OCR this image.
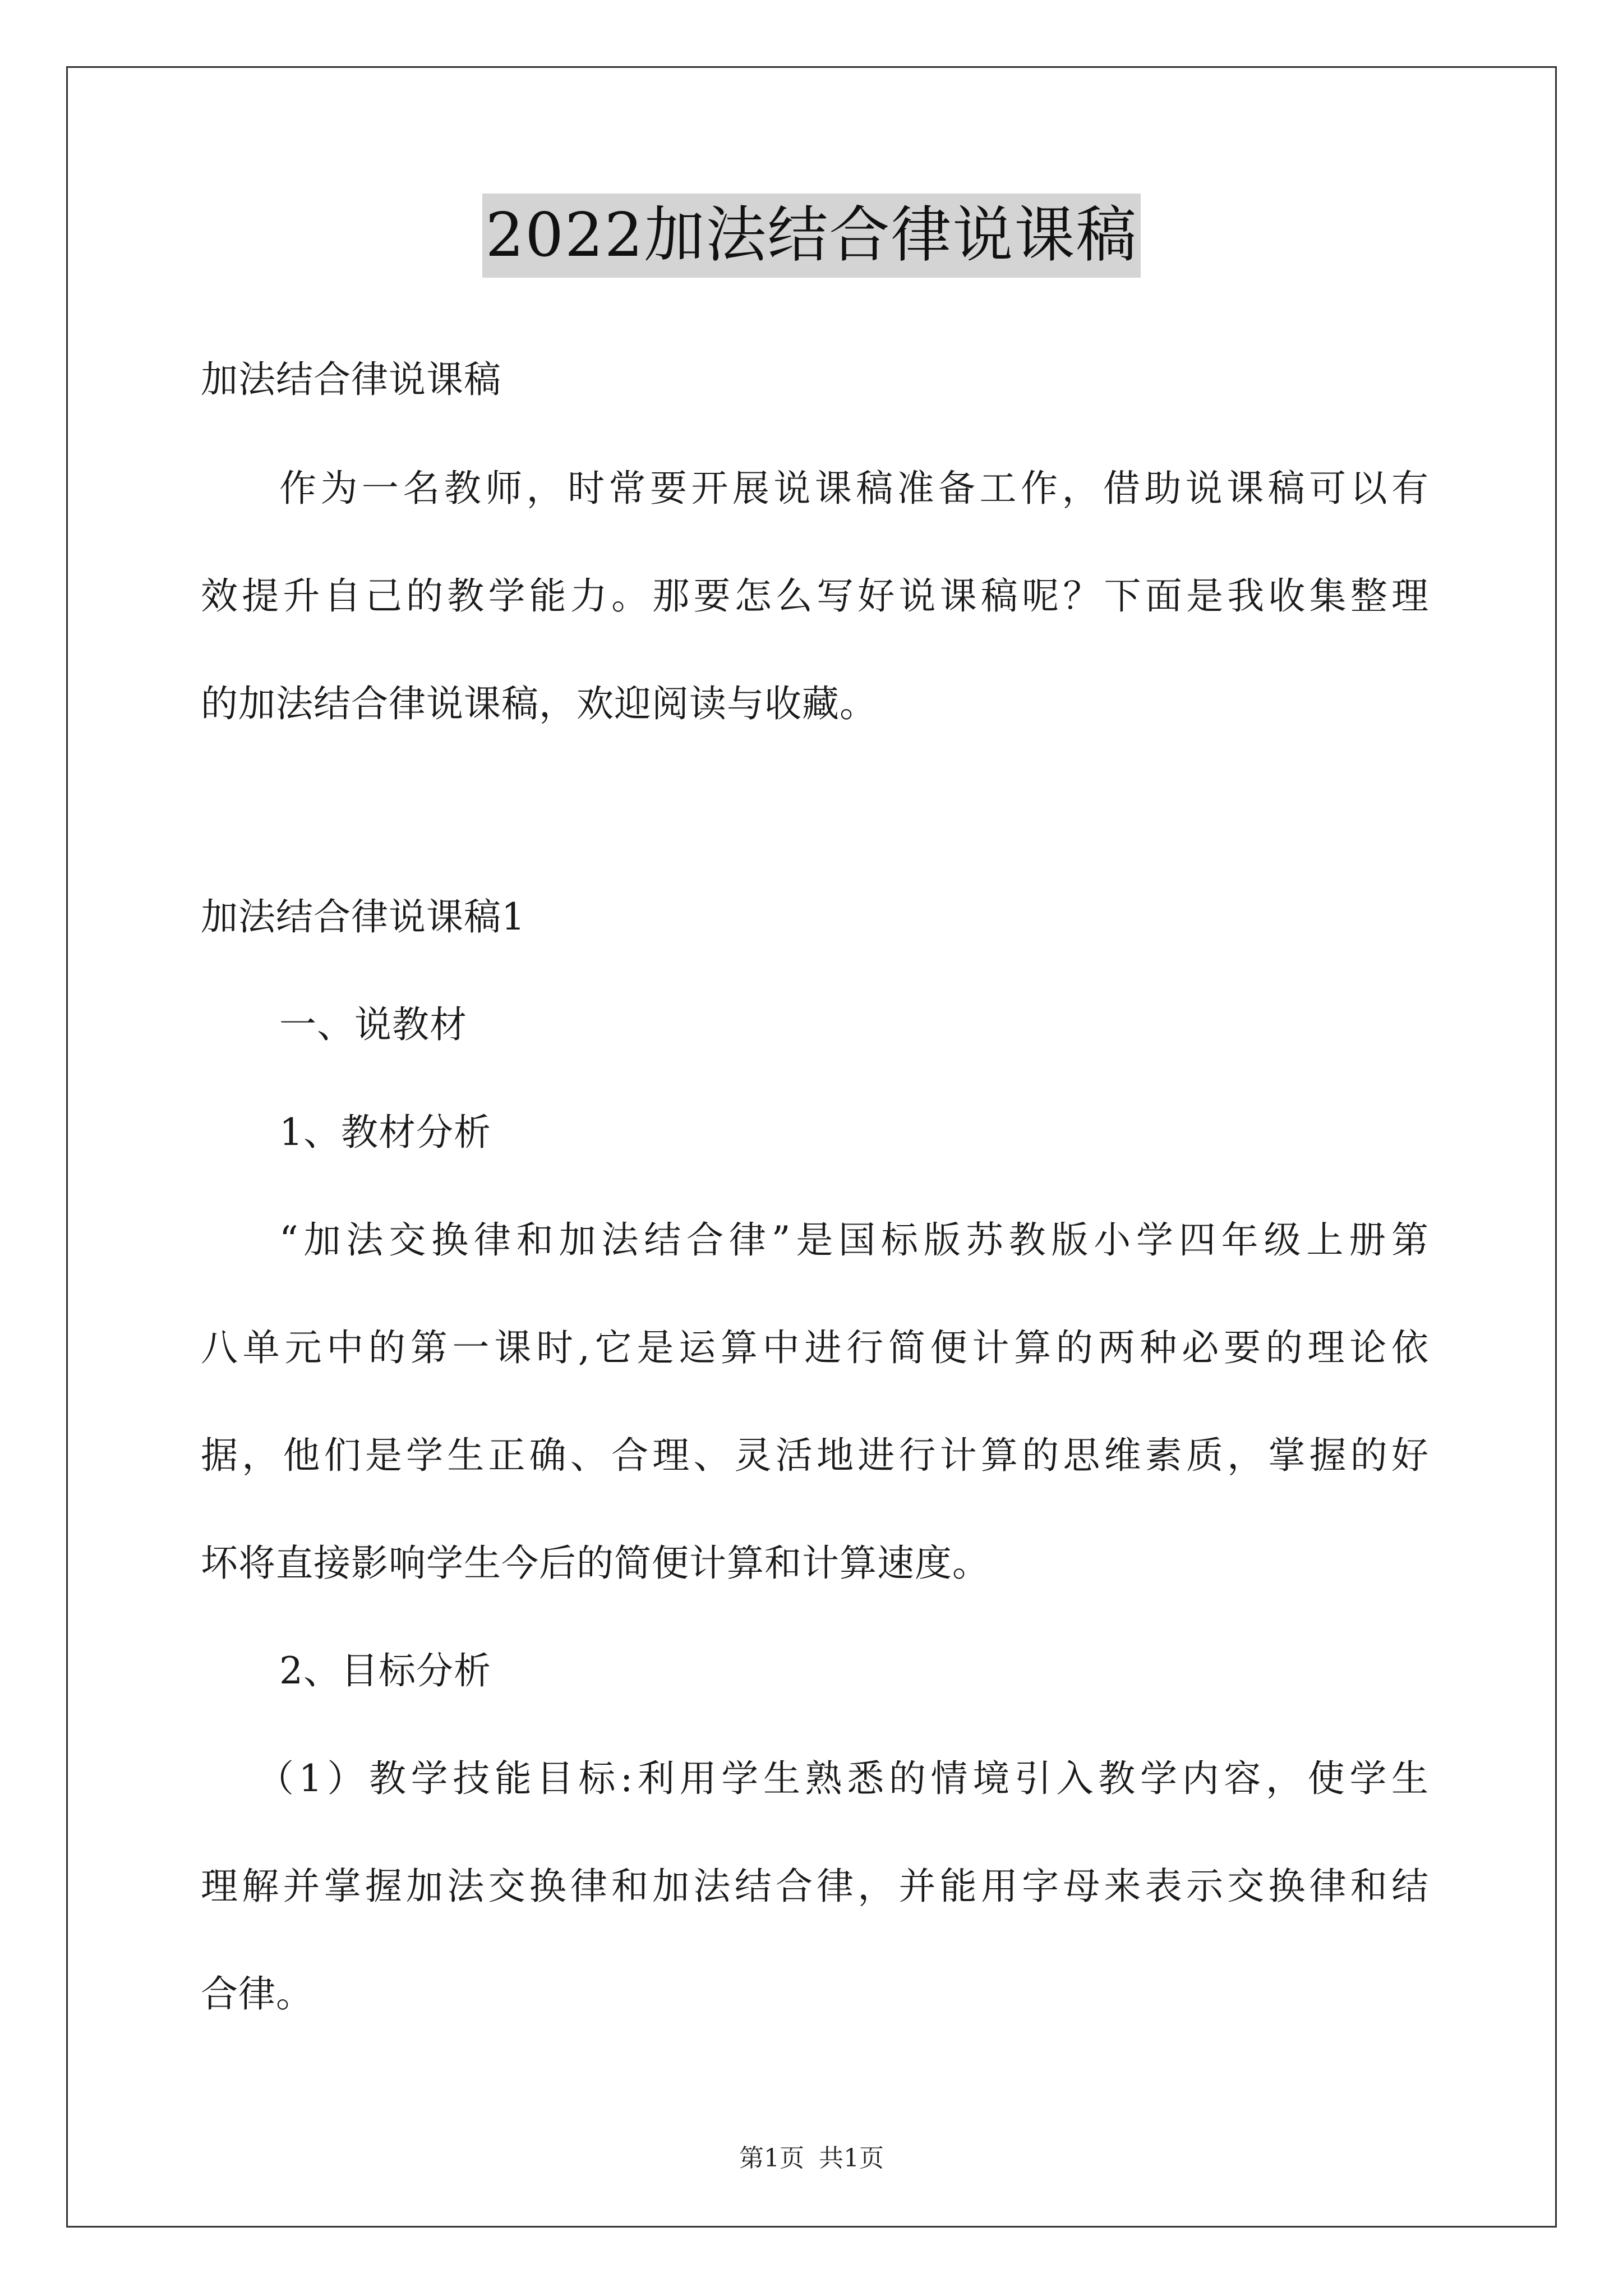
2022加法结合律说课稿
加法结合律说课稿
作为一名教师，时常要开展说课稿准备工作，借助说课稿可以有
效提升自己的教学能力。那要怎么写好说课稿呢？下面是我收集整理
的加法结合律说课稿，欢迎阅读与收藏。
加法结合律说课稿1
一、说教材
1、教材分析
“加法交换律和加法结合律”是国标版苏教版小学四年级上册第
八单元中的第一课时,它是运算中进行简便计算的两种必要的理论依
据，他们是学生正确、合理、灵活地进行计算的思维素质，掌握的好
坏将直接影响学生今后的简便计算和计算速度。
2、目标分析
（1）教学技能目标:利用学生熟悉的情境引入教学内容，使学生
理解并掌握加法交换律和加法结合律，并能用字母来表示交换律和结
合律。
第1页 共1页
